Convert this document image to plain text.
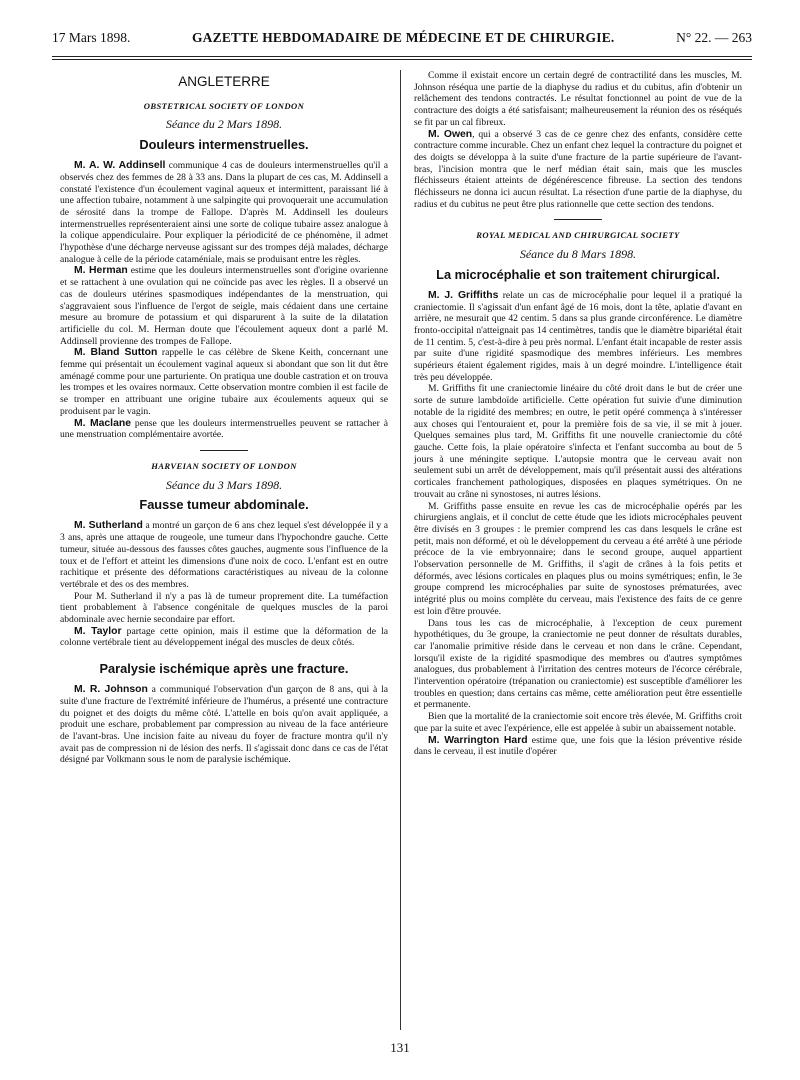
17 Mars 1898.	GAZETTE HEBDOMADAIRE DE MÉDECINE ET DE CHIRURGIE.	N° 22. — 263
ANGLETERRE
OBSTETRICAL SOCIETY OF LONDON
Séance du 2 Mars 1898.
Douleurs intermenstruelles.

M. A. W. Addinsell communique 4 cas de douleurs intermenstruelles qu'il a observés chez des femmes de 28 à 33 ans. Dans la plupart de ces cas, M. Addinsell a constaté l'existence d'un écoulement vaginal aqueux et intermittent, paraissant lié à une affection tubaire, notamment à une salpingite qui provoquerait une accumulation de sérosité dans la trompe de Fallope. D'après M. Addinsell les douleurs intermenstruelles représenteraient ainsi une sorte de colique tubaire assez analogue à la colique appendiculaire. Pour expliquer la périodicité de ce phénomène, il admet l'hypothèse d'une décharge nerveuse agissant sur des trompes déjà malades, décharge analogue à celle de la période cataméniale, mais se produisant entre les règles.

M. Herman estime que les douleurs intermenstruelles sont d'origine ovarienne et se rattachent à une ovulation qui ne coïncide pas avec les règles. Il a observé un cas de douleurs utérines spasmodiques indépendantes de la menstruation, qui s'aggravaient sous l'influence de l'ergot de seigle, mais cédaient dans une certaine mesure au bromure de potassium et qui disparurent à la suite de la dilatation artificielle du col. M. Herman doute que l'écoulement aqueux dont a parlé M. Addinsell provienne des trompes de Fallope.

M. Bland Sutton rappelle le cas célèbre de Skene Keith, concernant une femme qui présentait un écoulement vaginal aqueux si abondant que son lit dut être aménagé comme pour une parturiente. On pratiqua une double castration et on trouva les trompes et les ovaires normaux. Cette observation montre combien il est facile de se tromper en attribuant une origine tubaire aux écoulements aqueux qui se produisent par le vagin.

M. Maclane pense que les douleurs intermenstruelles peuvent se rattacher à une menstruation complémentaire avortée.

HARVEIAN SOCIETY OF LONDON
Séance du 3 Mars 1898.
Fausse tumeur abdominale.

M. Sutherland a montré un garçon de 6 ans chez lequel s'est développée il y a 3 ans, après une attaque de rougeole, une tumeur dans l'hypochondre gauche. Cette tumeur, située au-dessous des fausses côtes gauches, augmente sous l'influence de la toux et de l'effort et atteint les dimensions d'une noix de coco. L'enfant est en outre rachitique et présente des déformations caractéristiques au niveau de la colonne vertébrale et des os des membres.

Pour M. Sutherland il n'y a pas là de tumeur proprement dite. La tuméfaction tient probablement à l'absence congénitale de quelques muscles de la paroi abdominale avec hernie secondaire par effort.

M. Taylor partage cette opinion, mais il estime que la déformation de la colonne vertébrale tient au développement inégal des muscles de deux côtés.

Paralysie ischémique après une fracture.

M. R. Johnson a communiqué l'observation d'un garçon de 8 ans, qui à la suite d'une fracture de l'extrémité inférieure de l'humérus, a présenté une contracture du poignet et des doigts du même côté. L'attelle en bois qu'on avait appliquée, a produit une eschare, probablement par compression au niveau de la face antérieure de l'avant-bras. Une incision faite au niveau du foyer de fracture montra qu'il n'y avait pas de compression ni de lésion des nerfs. Il s'agissait donc dans ce cas de l'état désigné par Volkmann sous le nom de paralysie ischémique.

Comme il existait encore un certain degré de contractilité dans les muscles, M. Johnson réséqua une partie de la diaphyse du radius et du cubitus, afin d'obtenir un relâchement des tendons contractés. Le résultat fonctionnel au point de vue de la contracture des doigts a été satisfaisant; malheureusement la réunion des os réséqués se fit par un cal fibreux.

M. Owen, qui a observé 3 cas de ce genre chez des enfants, considère cette contracture comme incurable. Chez un enfant chez lequel la contracture du poignet et des doigts se développa à la suite d'une fracture de la partie supérieure de l'avant-bras, l'incision montra que le nerf médian était sain, mais que les muscles fléchisseurs étaient atteints de dégénérescence fibreuse. La section des tendons fléchisseurs ne donna ici aucun résultat. La résection d'une partie de la diaphyse, du radius et du cubitus ne peut être plus rationnelle que cette section des tendons.

ROYAL MEDICAL AND CHIRURGICAL SOCIETY
Séance du 8 Mars 1898.
La microcéphalie et son traitement chirurgical.

M. J. Griffiths relate un cas de microcéphalie pour lequel il a pratiqué la craniectomie. Il s'agissait d'un enfant âgé de 16 mois, dont la tête, aplatie d'avant en arrière, ne mesurait que 42 centim. 5 dans sa plus grande circonférence. Le diamètre fronto-occipital n'atteignait pas 14 centimètres, tandis que le diamètre bipariétal était de 11 centim. 5, c'est-à-dire à peu près normal. L'enfant était incapable de rester assis par suite d'une rigidité spasmodique des membres inférieurs. Les membres supérieurs étaient également rigides, mais à un degré moindre. L'intelligence était très peu développée.

M. Griffiths fit une craniectomie linéaire du côté droit dans le but de créer une sorte de suture lambdoïde artificielle. Cette opération fut suivie d'une diminution notable de la rigidité des membres; en outre, le petit opéré commença à s'intéresser aux choses qui l'entouraient et, pour la première fois de sa vie, il se mit à jouer. Quelques semaines plus tard, M. Griffiths fit une nouvelle craniectomie du côté gauche. Cette fois, la plaie opératoire s'infecta et l'enfant succomba au bout de 5 jours à une méningite septique. L'autopsie montra que le cerveau avait non seulement subi un arrêt de développement, mais qu'il présentait aussi des altérations corticales franchement pathologiques, disposées en plaques symétriques. On ne trouvait au crâne ni synostoses, ni autres lésions.

M. Griffiths passe ensuite en revue les cas de microcéphalie opérés par les chirurgiens anglais, et il conclut de cette étude que les idiots microcéphales peuvent être divisés en 3 groupes : le premier comprend les cas dans lesquels le crâne est petit, mais non déformé, et où le développement du cerveau a été arrêté à une période précoce de la vie embryonnaire; dans le second groupe, auquel appartient l'observation personnelle de M. Griffiths, il s'agit de crânes à la fois petits et déformés, avec lésions corticales en plaques plus ou moins symétriques; enfin, le 3e groupe comprend les microcéphalies par suite de synostoses prématurées, avec intégrité plus ou moins complète du cerveau, mais l'existence des faits de ce genre est loin d'être prouvée.

Dans tous les cas de microcéphalie, à l'exception de ceux purement hypothétiques, du 3e groupe, la craniectomie ne peut donner de résultats durables, car l'anomalie primitive réside dans le cerveau et non dans le crâne. Cependant, lorsqu'il existe de la rigidité spasmodique des membres ou d'autres symptômes analogues, dus probablement à l'irritation des centres moteurs de l'écorce cérébrale, l'intervention opératoire (trépanation ou craniectomie) est susceptible d'améliorer les troubles en question; dans certains cas même, cette amélioration peut être essentielle et permanente.

Bien que la mortalité de la craniectomie soit encore très élevée, M. Griffiths croit que par la suite et avec l'expérience, elle est appelée à subir un abaissement notable.

M. Warrington Hard estime que, une fois que la lésion préventive réside dans le cerveau, il est inutile d'opérer

131
